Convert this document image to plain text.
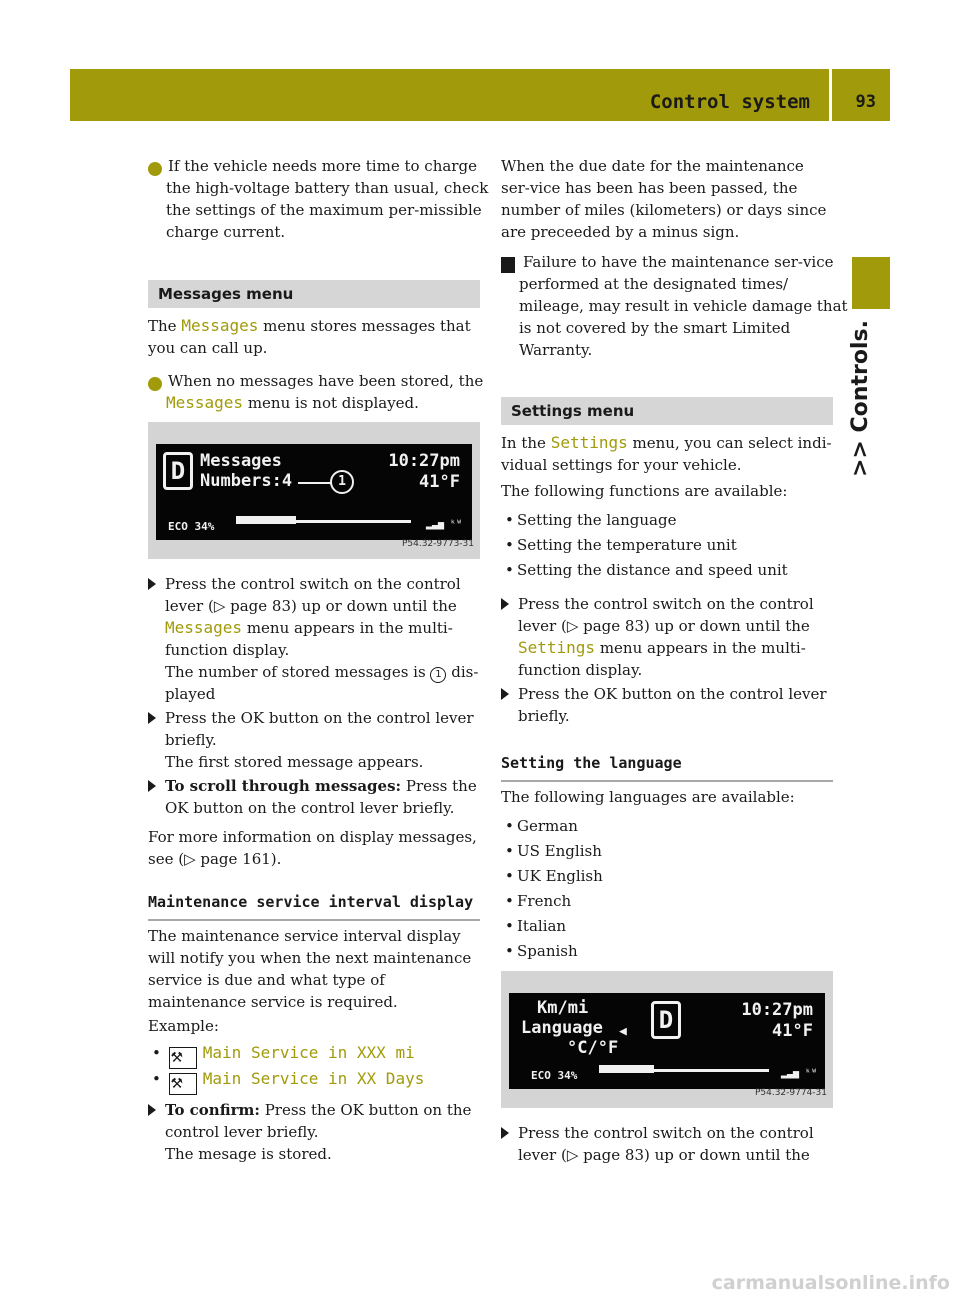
Control system	93
>> Controls.

i If the vehicle needs more time to charge the high-voltage battery than usual, check the settings of the maximum per-missible charge current.

Messages menu

The Messages menu stores messages that you can call up.

i When no messages have been stored, the Messages menu is not displayed.

D Messages
Numbers:4	1
10:27pm
41°F
ECO 34%	▂▃▅ ᵏᵂ
P54.32-9773-31
Press the control switch on the control lever (▷ page 83) up or down until the Messages menu appears in the multi-function display.
The number of stored messages is 1 dis-played
Press the OK button on the control lever briefly.
The first stored message appears.
To scroll through messages: Press the OK button on the control lever briefly.

For more information on display messages, see (▷ page 161).

Maintenance service interval display

The maintenance service interval display will notify you when the next maintenance service is due and what type of maintenance service is required.

Example:

• ⚒ Main Service in XXX mi
• ⚒ Main Service in XX Days
To confirm: Press the OK button on the control lever briefly.
The mesage is stored.

When the due date for the maintenance ser-vice has been has been passed, the number of miles (kilometers) or days since are preceeded by a minus sign.

! Failure to have the maintenance ser-vice performed at the designated times/ mileage, may result in vehicle damage that is not covered by the smart Limited Warranty.

Settings menu

In the Settings menu, you can select indi-vidual settings for your vehicle.

The following functions are available:

• Setting the language
• Setting the temperature unit
• Setting the distance and speed unit
Press the control switch on the control lever (▷ page 83) up or down until the Settings menu appears in the multi-function display.
Press the OK button on the control lever briefly.
Setting the language

The following languages are available:

• German
• US English
• UK English
• French
• Italian
• Spanish
Km/mi
Language ◀
°C/°F
D	10:27pm
41°F
ECO 34%	▂▃▅ ᵏᵂ
P54.32-9774-31
Press the control switch on the control lever (▷ page 83) up or down until the
carmanualsonline.info
